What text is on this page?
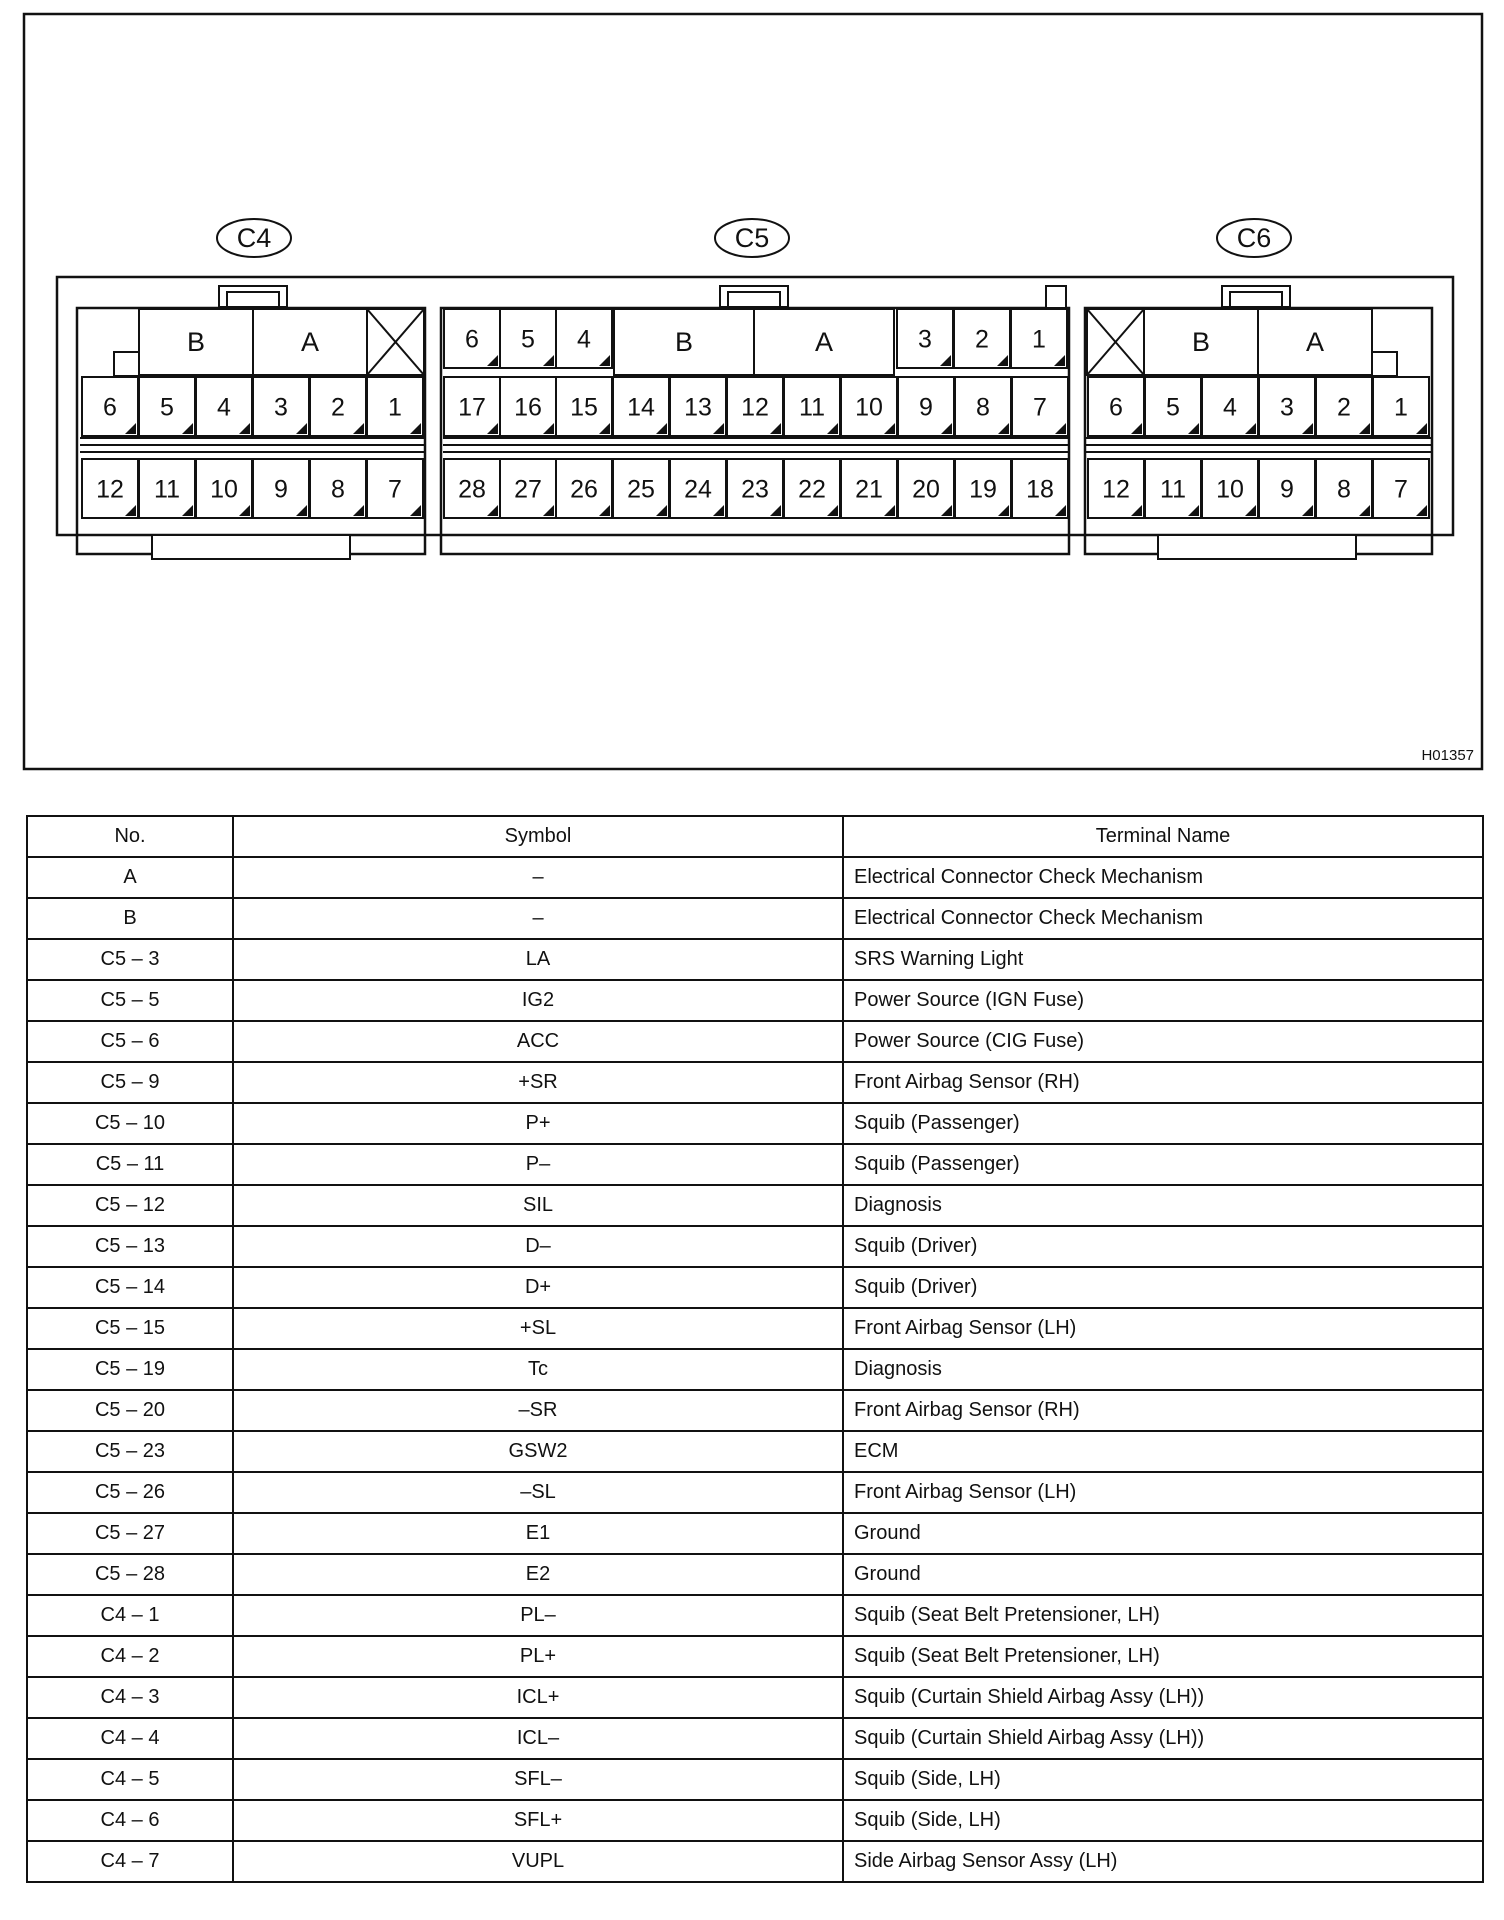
C4
B	A
6 5 4 3 2 1
12 11 10 9 8 7
C5
6 5 4	B	A	3 2 1
17 16 15 14 13 12 11 10 9 8 7
28 27 26 25 24 23 22 21 20 19 18
C6
B	A
6 5 4 3 2 1
12 11 10 9 8 7
H01357
No.	Symbol	Terminal Name
A	–	Electrical Connector Check Mechanism
B	–	Electrical Connector Check Mechanism
C5 – 3	LA	SRS Warning Light
C5 – 5	IG2	Power Source (IGN Fuse)
C5 – 6	ACC	Power Source (CIG Fuse)
C5 – 9	+SR	Front Airbag Sensor (RH)
C5 – 10	P+	Squib (Passenger)
C5 – 11	P–	Squib (Passenger)
C5 – 12	SIL	Diagnosis
C5 – 13	D–	Squib (Driver)
C5 – 14	D+	Squib (Driver)
C5 – 15	+SL	Front Airbag Sensor (LH)
C5 – 19	Tc	Diagnosis
C5 – 20	–SR	Front Airbag Sensor (RH)
C5 – 23	GSW2	ECM
C5 – 26	–SL	Front Airbag Sensor (LH)
C5 – 27	E1	Ground
C5 – 28	E2	Ground
C4 – 1	PL–	Squib (Seat Belt Pretensioner, LH)
C4 – 2	PL+	Squib (Seat Belt Pretensioner, LH)
C4 – 3	ICL+	Squib (Curtain Shield Airbag Assy (LH))
C4 – 4	ICL–	Squib (Curtain Shield Airbag Assy (LH))
C4 – 5	SFL–	Squib (Side, LH)
C4 – 6	SFL+	Squib (Side, LH)
C4 – 7	VUPL	Side Airbag Sensor Assy (LH)
